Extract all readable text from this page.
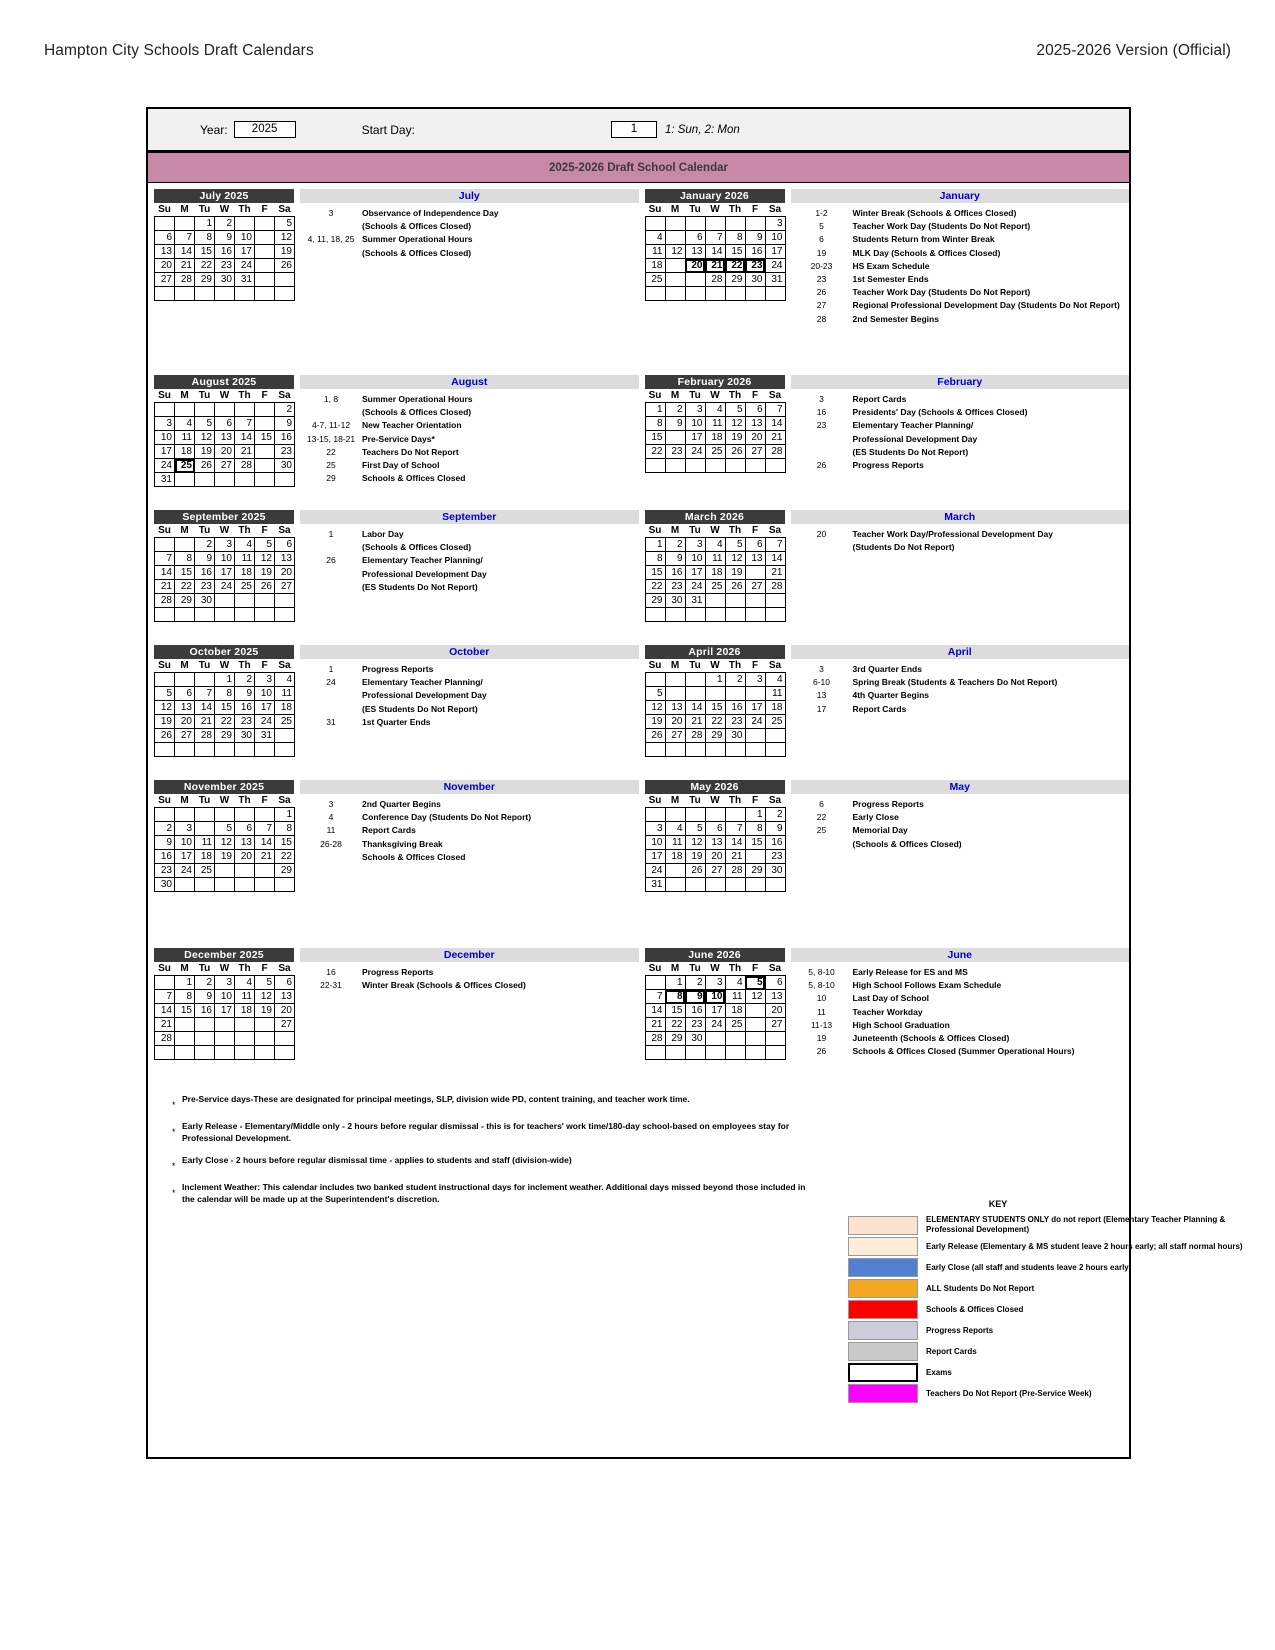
Hampton City Schools Draft Calendars	2025-2026 Version (Official)
Year:	2025	Start Day:	1	1: Sun, 2: Mon
2025-2026 Draft School Calendar
July 2025
Su	M	Tu	W	Th	F	Sa
		1	2	3	4	5
6	7	8	9	10	11	12
13	14	15	16	17	18	19
20	21	22	23	24	25	26
27	28	29	30	31		

July
3	Observance of Independence Day
(Schools & Offices Closed)
4, 11, 18, 25 Summer Operational Hours
(Schools & Offices Closed)
January 2026
Su	M	Tu	W	Th	F	Sa
				1	2	3
4	5	6	7	8	9	10
11	12	13	14	15	16	17
18	19	20	21	22	23	24
25	26	27	28	29	30	31

January
1-2	Winter Break (Schools & Offices Closed)
5	Teacher Work Day (Students Do Not Report)
6	Students Return from Winter Break
19	MLK Day (Schools & Offices Closed)
20-23	HS Exam Schedule
23	1st Semester Ends
26	Teacher Work Day (Students Do Not Report)
27	Regional Professional Development Day (Students Do Not Report)
28	2nd Semester Begins
August 2025
Su	M	Tu	W	Th	F	Sa
					1	2
3	4	5	6	7	8	9
10	11	12	13	14	15	16
17	18	19	20	21	22	23
24	25	26	27	28	29	30
31						
August
1, 8	Summer Operational Hours
(Schools & Offices Closed)
4-7, 11-12	New Teacher Orientation
13-15, 18-21 Pre-Service Days*
22	Teachers Do Not Report
25	First Day of School
29	Schools & Offices Closed
February 2026
Su	M	Tu	W	Th	F	Sa
1	2	3	4	5	6	7
8	9	10	11	12	13	14
15	16	17	18	19	20	21
22	23	24	25	26	27	28

February
3	Report Cards
16	Presidents' Day (Schools & Offices Closed)
23	Elementary Teacher Planning/
Professional Development Day
(ES Students Do Not Report)
26	Progress Reports
September 2025
Su	M	Tu	W	Th	F	Sa
	1	2	3	4	5	6
7	8	9	10	11	12	13
14	15	16	17	18	19	20
21	22	23	24	25	26	27
28	29	30				

September
1	Labor Day
(Schools & Offices Closed)
26	Elementary Teacher Planning/
Professional Development Day
(ES Students Do Not Report)
March 2026
Su	M	Tu	W	Th	F	Sa
1	2	3	4	5	6	7
8	9	10	11	12	13	14
15	16	17	18	19	20	21
22	23	24	25	26	27	28
29	30	31				

March
20	Teacher Work Day/Professional Development Day
(Students Do Not Report)
October 2025
Su	M	Tu	W	Th	F	Sa
			1	2	3	4
5	6	7	8	9	10	11
12	13	14	15	16	17	18
19	20	21	22	23	24	25
26	27	28	29	30	31	

October
1	Progress Reports
24	Elementary Teacher Planning/
Professional Development Day
(ES Students Do Not Report)
31	1st Quarter Ends
April 2026
Su	M	Tu	W	Th	F	Sa
			1	2	3	4
5	6	7	8	9	10	11
12	13	14	15	16	17	18
19	20	21	22	23	24	25
26	27	28	29	30		

April
3	3rd Quarter Ends
6-10	Spring Break (Students & Teachers Do Not Report)
13	4th Quarter Begins
17	Report Cards
November 2025
Su	M	Tu	W	Th	F	Sa
						1
2	3	4	5	6	7	8
9	10	11	12	13	14	15
16	17	18	19	20	21	22
23	24	25	26	27	28	29
30						
November
3	2nd Quarter Begins
4	Conference Day (Students Do Not Report)
11	Report Cards
26-28	Thanksgiving Break
Schools & Offices Closed
May 2026
Su	M	Tu	W	Th	F	Sa
					1	2
3	4	5	6	7	8	9
10	11	12	13	14	15	16
17	18	19	20	21	22	23
24	25	26	27	28	29	30
31						
May
6	Progress Reports
22	Early Close
25	Memorial Day
(Schools & Offices Closed)
December 2025
Su	M	Tu	W	Th	F	Sa
	1	2	3	4	5	6
7	8	9	10	11	12	13
14	15	16	17	18	19	20
21	22	23	24	25	26	27
28	29	30	31			

December
16	Progress Reports
22-31	Winter Break (Schools & Offices Closed)
June 2026
Su	M	Tu	W	Th	F	Sa
	1	2	3	4	5	6
7	8	9	10	11	12	13
14	15	16	17	18	19	20
21	22	23	24	25	26	27
28	29	30				

June
5, 8-10	Early Release for ES and MS
5, 8-10	High School Follows Exam Schedule
10	Last Day of School
11	Teacher Workday
11-13	High School Graduation
19	Juneteenth (Schools & Offices Closed)
26	Schools & Offices Closed (Summer Operational Hours)
*
Pre-Service days-These are designated for principal meetings, SLP, division wide PD, content training, and teacher work time.
*
Early Release - Elementary/Middle only - 2 hours before regular dismissal - this is for teachers' work time/180-day school-based on employees stay for Professional Development.
*
Early Close - 2 hours before regular dismissal time - applies to students and staff (division-wide)
*
Inclement Weather: This calendar includes two banked student instructional days for inclement weather. Additional days missed beyond those included in the calendar will be made up at the Superintendent's discretion.
KEY
ELEMENTARY STUDENTS ONLY do not report (Elementary Teacher Planning & Professional Development)
Early Release (Elementary & MS student leave 2 hours early; all staff normal hours)
Early Close (all staff and students leave 2 hours early)
ALL Students Do Not Report
Schools & Offices Closed
Progress Reports
Report Cards
Exams
Teachers Do Not Report (Pre-Service Week)
